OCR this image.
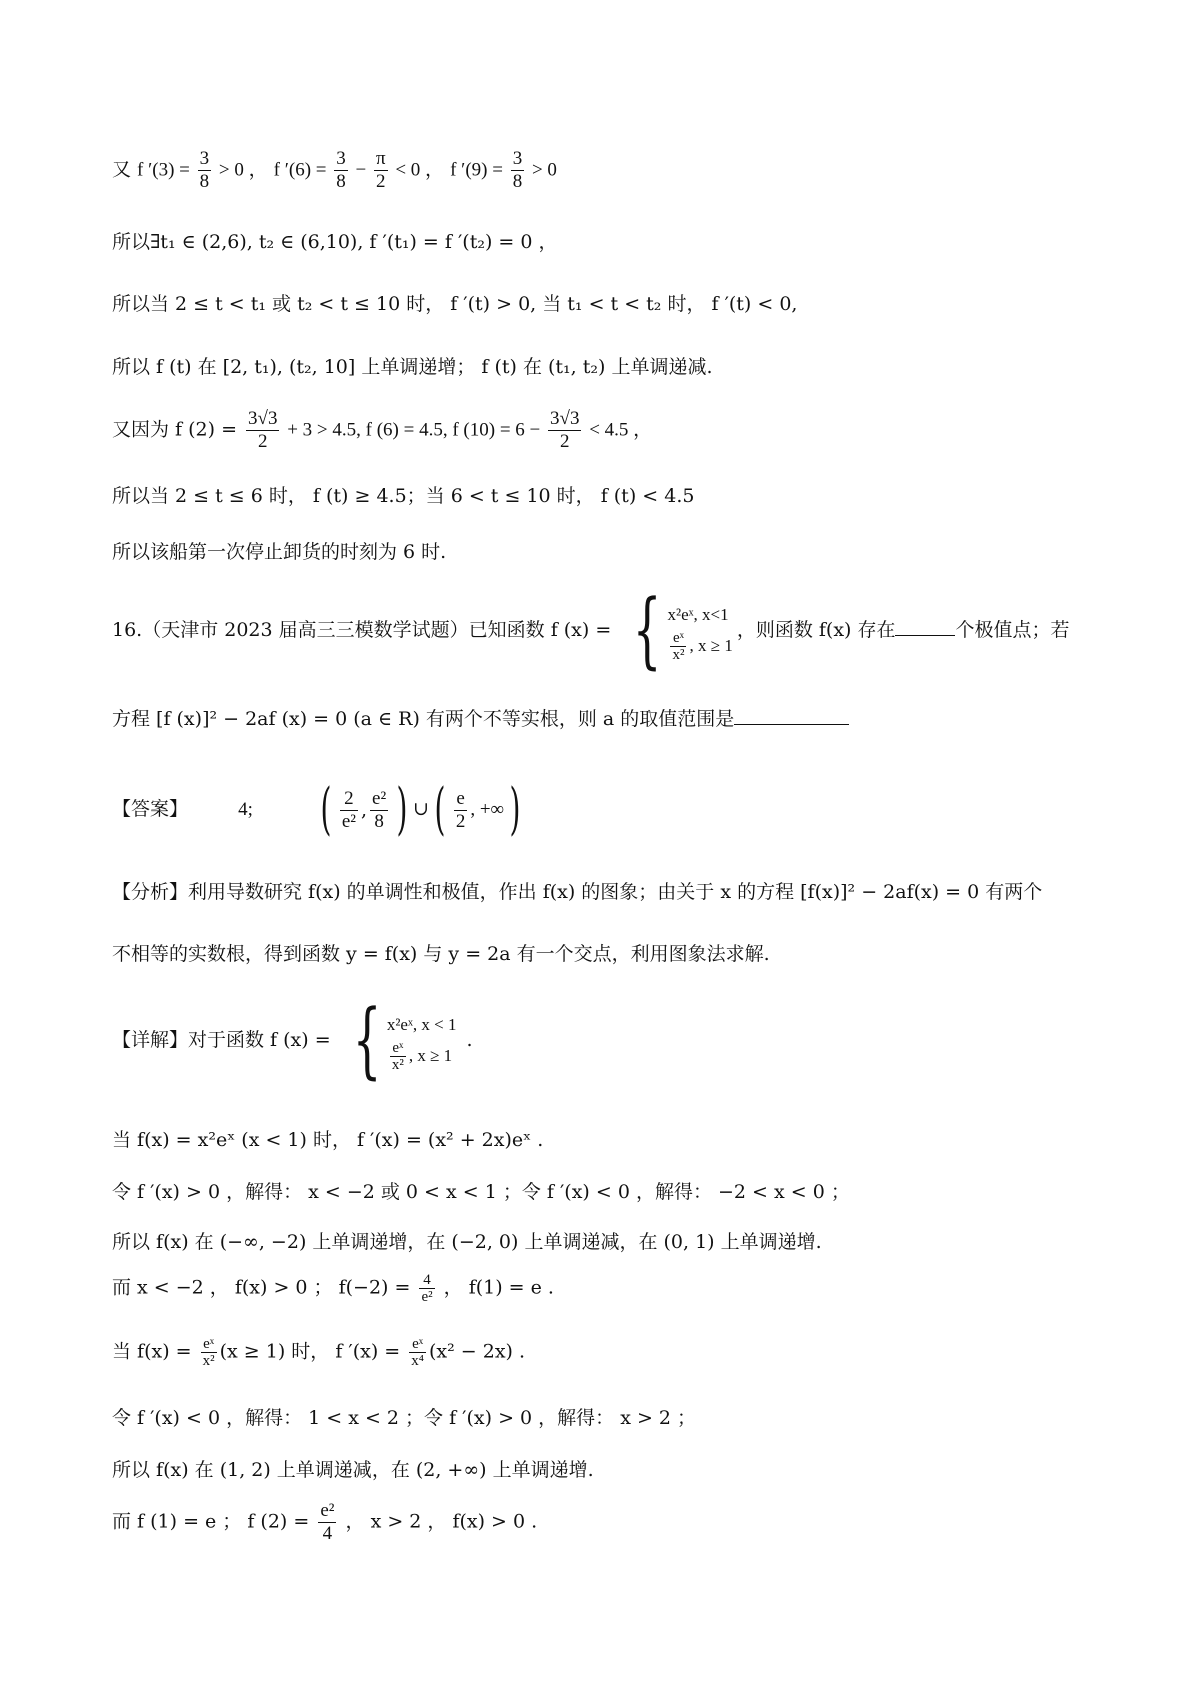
又 f $'(3) = \frac{3}{8} > 0$ ， f $'(6) = \frac{3}{8} - \frac{\pi}{2} < 0$ ， f $'(9) = \frac{3}{8} > 0$
所以∃t₁ ∈ (2,6), t₂ ∈ (6,10), f ′(t₁) = f ′(t₂) = 0 ，
所以当 2 ≤ t < t₁ 或 t₂ < t ≤ 10 时， f ′(t) > 0, 当 t₁ < t < t₂ 时， f ′(t) < 0,
所以 f (t) 在 [2, t₁), (t₂, 10] 上单调递增； f (t) 在 (t₁, t₂) 上单调递减.
又因为 f $(2) = \frac{3√3}{2} + 3 > 4.5$, f (6) = 4.5, f $(10) = 6 - \frac{3√3}{2} < 4.5$ ，
所以当 2 ≤ t ≤ 6 时， f (t) ≥ 4.5；当 6 < t ≤ 10 时， f (t) < 4.5
所以该船第一次停止卸货的时刻为 6 时.
16.（天津市 2023 届高三三模数学试题）已知函数 f (x) = { x²eˣ, x<1
$\frac{\text{eˣ}}{\text{x²}}$ , x ≥ 1
，则函数 f(x) 存在	个极值点；若
方程 [f (x)]² − 2af (x) = 0 (a ∈ R) 有两个不等实根，则 a 的取值范围是
【答案】	4; ( $\frac{2}{\text{e²}}$ , $\frac{\text{e²}}{8}$ ) ∪ ( $\frac{e}{2}$ , +∞ )
【分析】利用导数研究 f(x) 的单调性和极值，作出 f(x) 的图象；由关于 x 的方程 [f(x)]² − 2af(x) = 0 有两个
不相等的实数根，得到函数 y = f(x) 与 y = 2a 有一个交点，利用图象法求解.
【详解】对于函数 f (x) = { x²eˣ, x < 1
$\frac{\text{eˣ}}{\text{x²}}$ , x ≥ 1
.
当 f(x) = x²eˣ (x < 1) 时， f ′(x) = (x² + 2x)eˣ .
令 f ′(x) > 0 ，解得： x < −2 或 0 < x < 1 ；令 f ′(x) < 0 ，解得： −2 < x < 0 ；
所以 f(x) 在 (−∞, −2) 上单调递增，在 (−2, 0) 上单调递减，在 (0, 1) 上单调递增.
而 x < −2 ， f(x) > 0 ； $f(-2) = \frac{4}{\text{e²}}$ ， f(1) = e .
当 $f(x) = \frac{\text{eˣ}}{\text{x²}} (x \ge 1)$ 时， f $'(x) = \frac{\text{eˣ}}{\text{x⁴}} (x^2 - 2x)$ .
令 f ′(x) < 0 ，解得： 1 < x < 2 ；令 f ′(x) > 0 ，解得： x > 2 ；
所以 f(x) 在 (1, 2) 上单调递减，在 (2, +∞) 上单调递增.
而 f (1) = e ； f $(2) = \frac{\text{e²}}{4}$ ， x > 2 ， f(x) > 0 .
